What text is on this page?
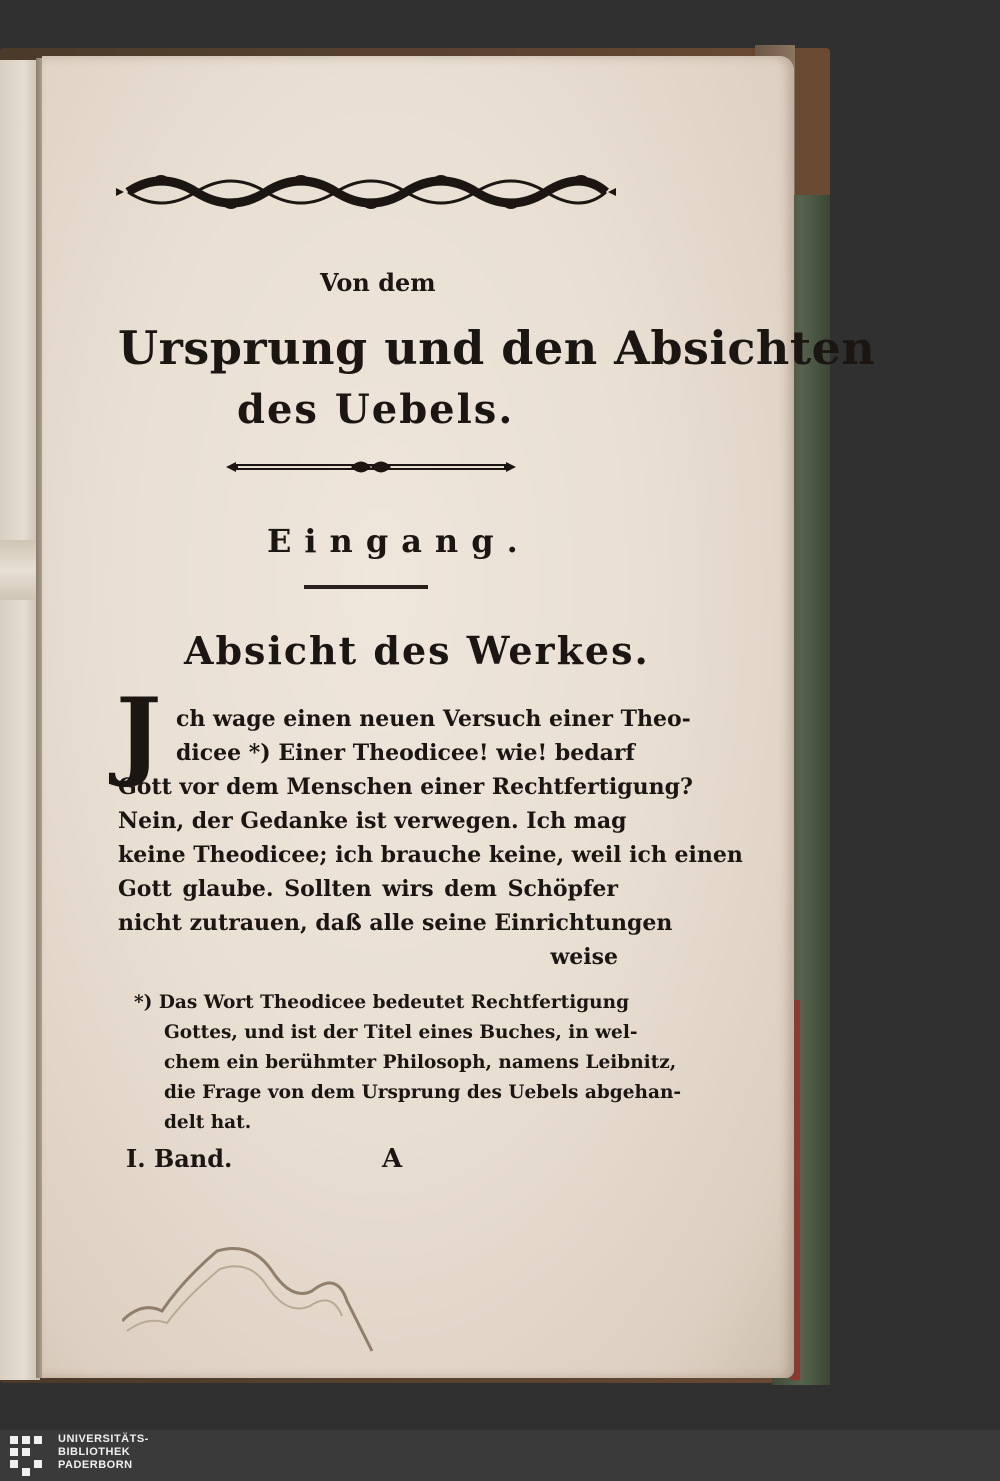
Von dem
Ursprung und den Absichten
des Uebels.
Eingang.
Absicht des Werkes.
J ch wage einen neuen Versuch einer Theo-
dicee *) Einer Theodicee! wie! bedarf
Gott vor dem Menschen einer Rechtfertigung?
Nein, der Gedanke ist verwegen. Ich mag
keine Theodicee; ich brauche keine, weil ich einen
Gott glaube. Sollten wirs dem Schöpfer
nicht zutrauen, daß alle seine Einrichtungen
weise
*) Das Wort Theodicee bedeutet Rechtfertigung
Gottes, und ist der Titel eines Buches, in wel-
chem ein berühmter Philosoph, namens Leibnitz,
die Frage von dem Ursprung des Uebels abgehan-
delt hat.
I. Band.	A
UNIVERSITÄTS-
BIBLIOTHEK
PADERBORN
